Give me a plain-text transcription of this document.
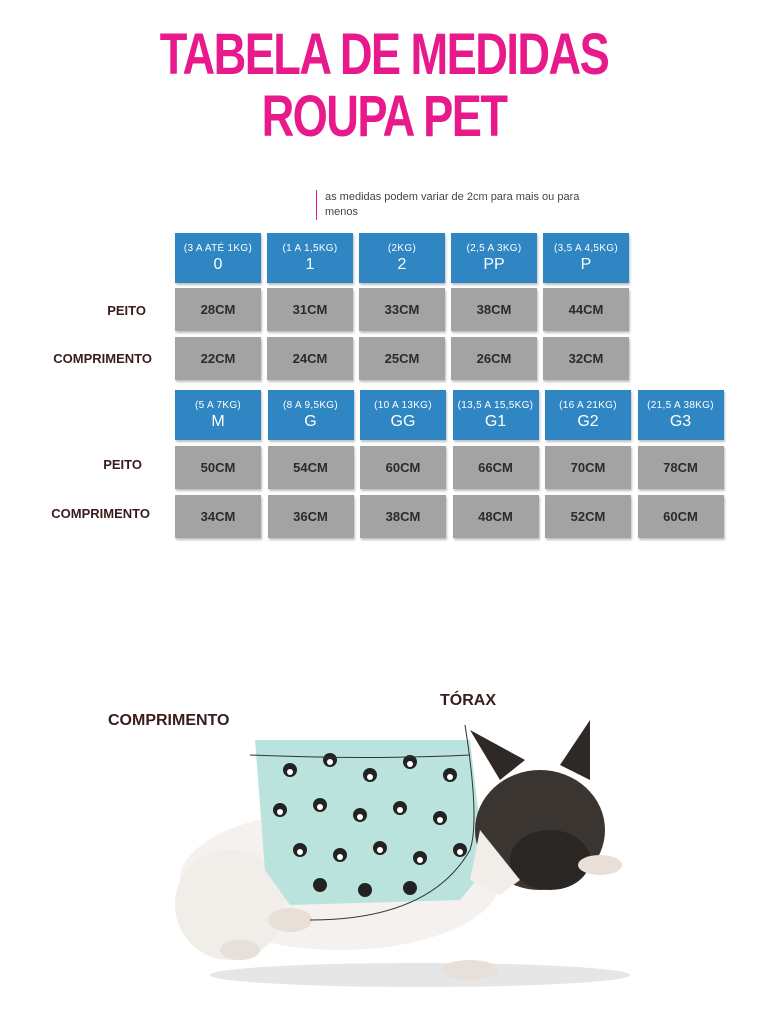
TABELA DE MEDIDAS
ROUPA PET
as medidas podem variar de 2cm para mais ou para menos
PEITO
COMPRIMENTO
PEITO
COMPRIMENTO
COMPRIMENTO
TÓRAX
(3 A ATÉ 1KG)
0
28CM
22CM
(1 A 1,5KG)
1
31CM
24CM
(2KG)
2
33CM
25CM
(2,5 A 3KG)
PP
38CM
26CM
(3,5 A 4,5KG)
P
44CM
32CM
(5 A 7KG)
M
50CM
34CM
(8 A 9,5KG)
G
54CM
36CM
(10 A 13KG)
GG
60CM
38CM
(13,5 A 15,5KG)
G1
66CM
48CM
(16 A 21KG)
G2
70CM
52CM
(21,5 A 38KG)
G3
78CM
60CM
